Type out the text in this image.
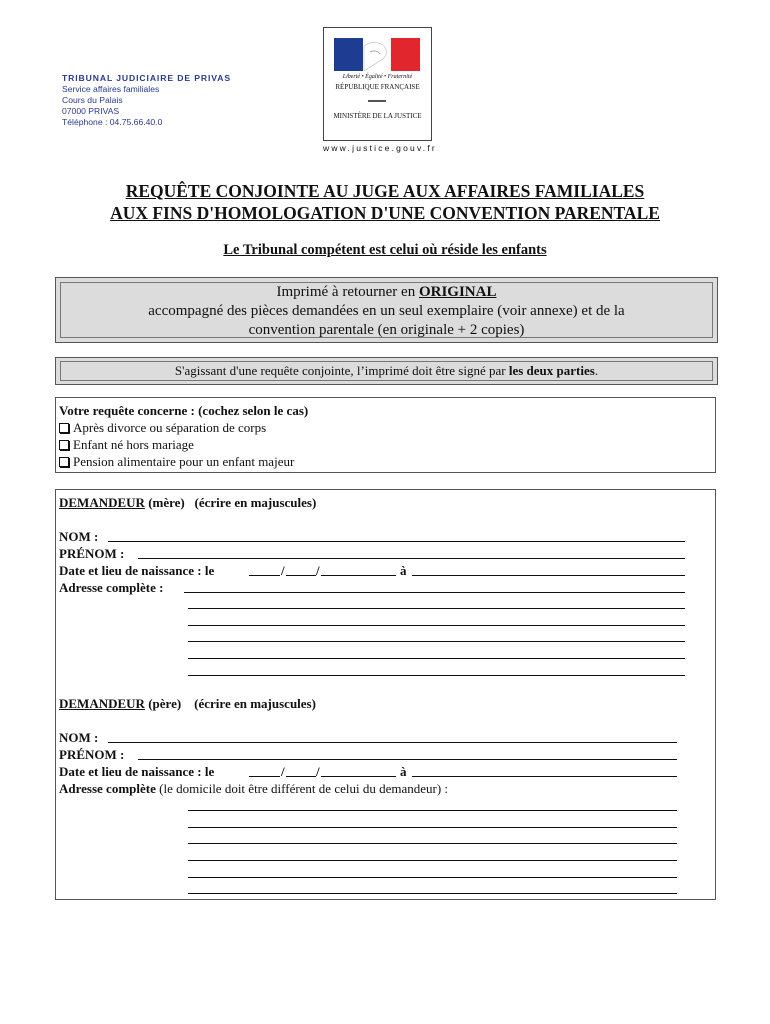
TRIBUNAL JUDICIAIRE DE PRIVAS
Service affaires familiales
Cours du Palais
07000 PRIVAS
Téléphone : 04.75.66.40.0
Liberté • Égalité • Fraternité
RÉPUBLIQUE FRANÇAISE
MINISTÈRE DE LA JUSTICE
www.justice.gouv.fr
REQUÊTE CONJOINTE AU JUGE AUX AFFAIRES FAMILIALES
AUX FINS D'HOMOLOGATION D'UNE CONVENTION PARENTALE
Le Tribunal compétent est celui où réside les enfants
Imprimé à retourner en ORIGINAL
accompagné des pièces demandées en un seul exemplaire (voir annexe) et de la
convention parentale (en originale + 2 copies)
S'agissant d'une requête conjointe, l’imprimé doit être signé par les deux parties.
Votre requête concerne : (cochez selon le cas)
Après divorce ou séparation de corps
Enfant né hors mariage
Pension alimentaire pour un enfant majeur
DEMANDEUR (mère) (écrire en majuscules)
NOM :
PRÉNOM :
Date et lieu de naissance : le	/ /	à
Adresse complète :
DEMANDEUR (père) (écrire en majuscules)
NOM :
PRÉNOM :
Date et lieu de naissance : le	/ /	à
Adresse complète (le domicile doit être différent de celui du demandeur) :
